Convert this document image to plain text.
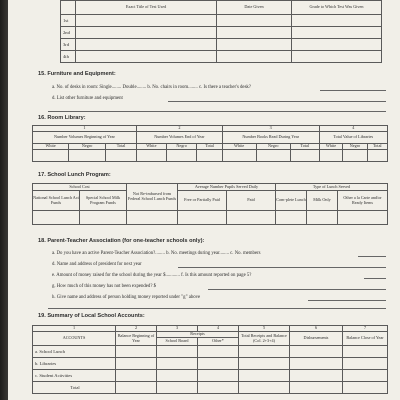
	Exact Title of Test Used	Date Given	Grade to Which Test Was Given
1st			
2nd			
3rd			
4th			
15. Furniture and Equipment:
a. No. of desks in room: Single........ Double........ b. No. chairs in room........ c. Is there a teacher's desk?
d. List other furniture and equipment
16. Room Library:
1			2			3			4		
Number Volumes Beginning of Year			Number Volumes End of Year			Number Books Read During Year			Total Value of Libraries		
White	Negro	Total	White	Negro	Total	White	Negro	Total	White	Negro	Total

17. School Lunch Program:
School Cost		Not Re-imbursed from Federal School Lunch Funds	Average Number Pupils Served Daily		Type of Lunch Served		
National School Lunch Act Funds	Special School Milk Program Funds		Free or Partially Paid	Paid	Com-plete Lunch	Milk Only	Other a la Carte and/or Ready Items

18. Parent-Teacher Association (for one-teacher schools only):
a. Do you have an active Parent-Teacher Association?........ b. No. meetings during year........ c. No. members
d. Name and address of president for next year
e. Amount of money raised for the school during the year $............ f. Is this amount reported on page 5?
g. How much of this money has not been expended? $
h. Give name and address of person holding money reported under "g" above
19. Summary of Local School Accounts:
1	2	3	4	5	6	7
ACCOUNTS	Balance Beginning of Year	Receipts		Total Receipts and Balance (Col. 2+3+4)	Disbursements	Balance Close of Year
		School Board	Other*			
a. School Lunch						
b. Libraries						
c. Student Activities						
Total						
